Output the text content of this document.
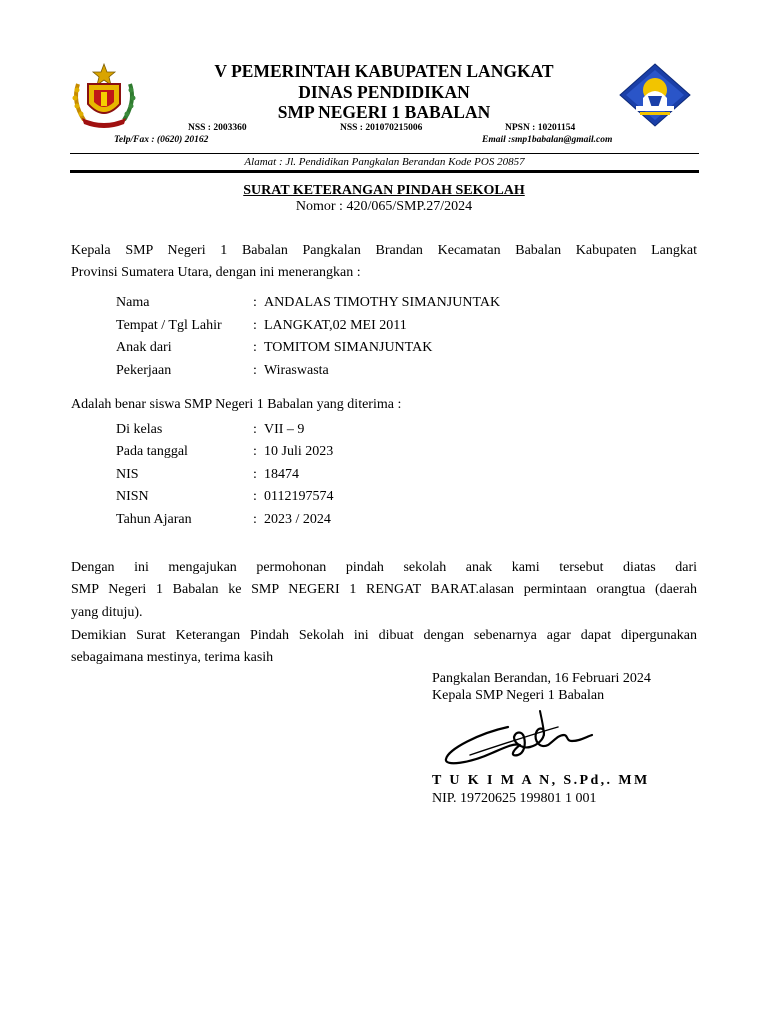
V PEMERINTAH KABUPATEN LANGKAT
DINAS PENDIDIKAN
SMP NEGERI 1 BABALAN
NSS : 2003360	NSS : 201070215006	NPSN : 10201154
Telp/Fax : (0620) 20162	Email :smp1babalan@gmail.com
Alamat : Jl. Pendidikan Pangkalan Berandan Kode POS 20857
SURAT KETERANGAN PINDAH SEKOLAH
Nomor : 420/065/SMP.27/2024
Kepala SMP Negeri 1 Babalan Pangkalan Brandan Kecamatan Babalan Kabupaten Langkat
Provinsi Sumatera Utara, dengan ini menerangkan :
Nama	: ANDALAS TIMOTHY SIMANJUNTAK
Tempat / Tgl Lahir : LANGKAT,02 MEI 2011
Anak dari	: TOMITOM SIMANJUNTAK
Pekerjaan	: Wiraswasta
Adalah benar siswa SMP Negeri 1 Babalan yang diterima :
Di kelas	: VII – 9
Pada tanggal	: 10 Juli 2023
NIS	: 18474
NISN	: 0112197574
Tahun Ajaran	: 2023 / 2024
Dengan ini mengajukan permohonan pindah sekolah anak kami tersebut diatas dari
SMP Negeri 1 Babalan ke SMP NEGERI 1 RENGAT BARAT.alasan permintaan orangtua (daerah
yang dituju).
Demikian Surat Keterangan Pindah Sekolah ini dibuat dengan sebenarnya agar dapat dipergunakan
sebagaimana mestinya, terima kasih
Pangkalan Berandan, 16 Februari 2024
Kepala SMP Negeri 1 Babalan
T U K I M A N, S.Pd,. MM
NIP. 19720625 199801 1 001
